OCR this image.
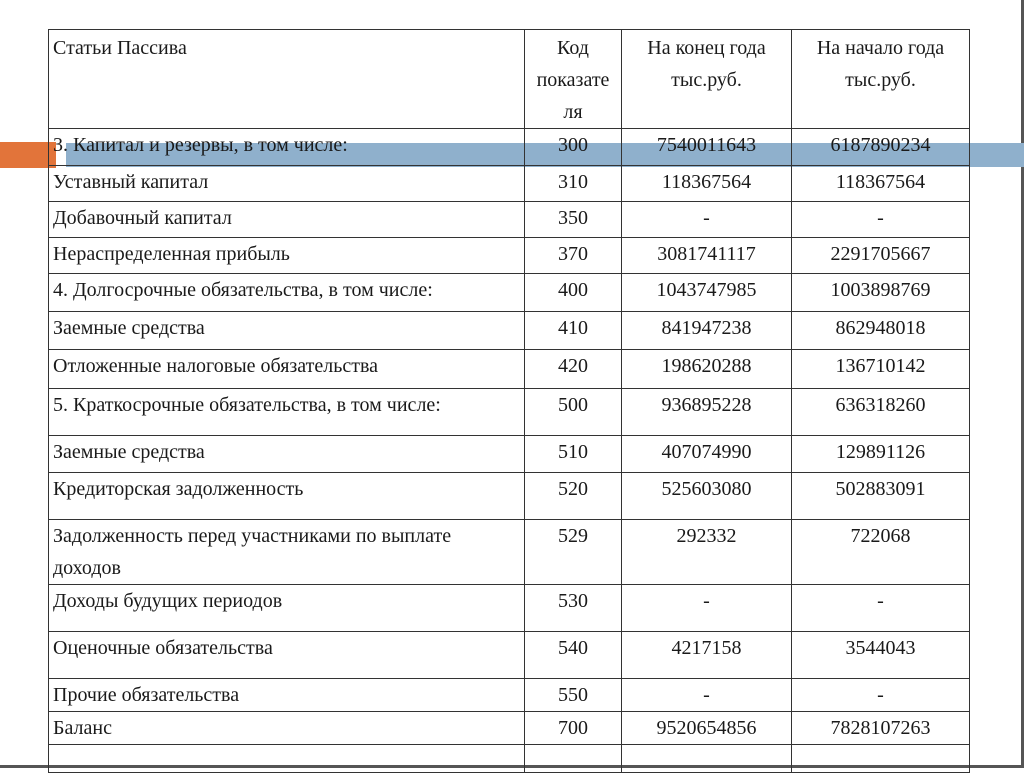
Статьи Пассива	Код показате ля	На конец года тыс.руб.	На начало года тыс.руб.
3. Капитал и резервы, в том числе:	300	7540011643	6187890234
Уставный капитал	310	118367564	118367564
Добавочный капитал	350	-	-
Нераспределенная прибыль	370	3081741117	2291705667
4. Долгосрочные обязательства, в том числе:	400	1043747985	1003898769
Заемные средства	410	841947238	862948018
Отложенные налоговые обязательства	420	198620288	136710142
5. Краткосрочные обязательства, в том числе:	500	936895228	636318260
Заемные средства	510	407074990	129891126
Кредиторская задолженность	520	525603080	502883091
Задолженность перед участниками по выплате доходов	529	292332	722068
Доходы будущих периодов	530	-	-
Оценочные обязательства	540	4217158	3544043
Прочие обязательства	550	-	-
Баланс	700	9520654856	7828107263
